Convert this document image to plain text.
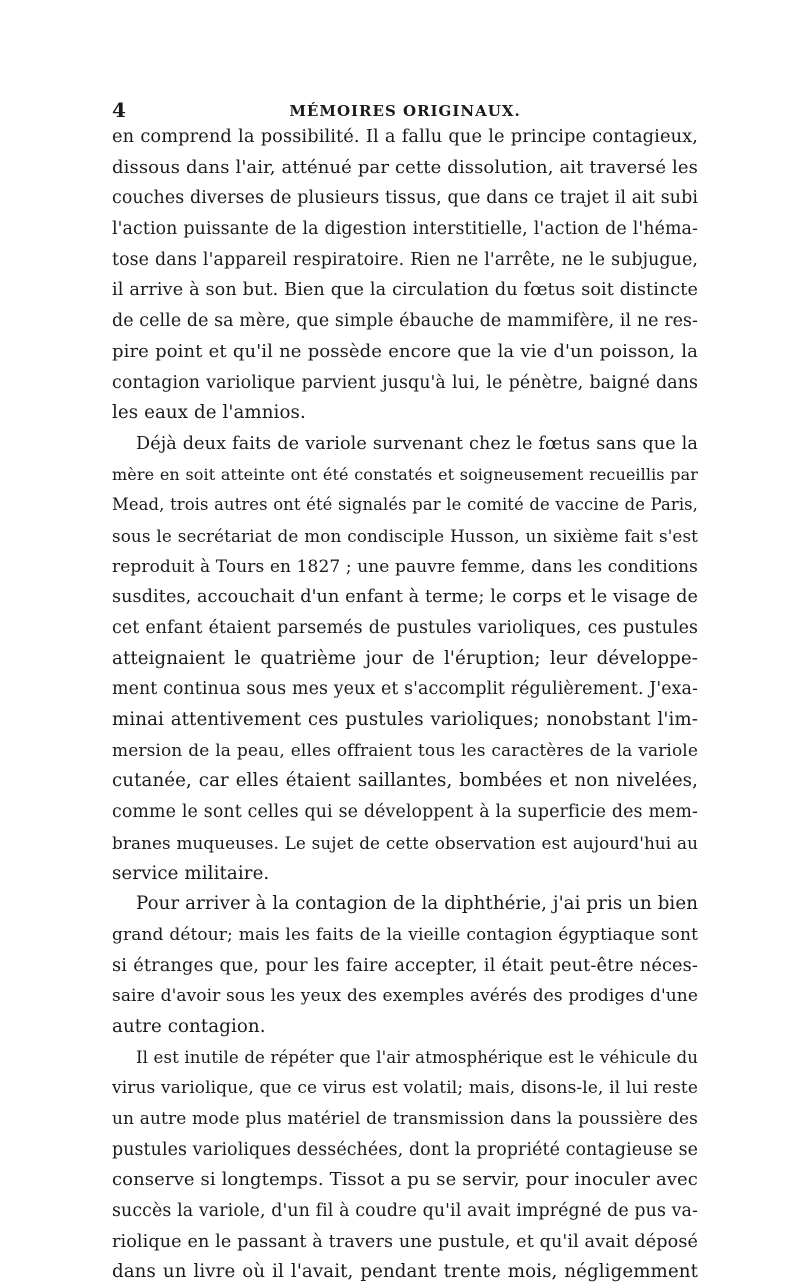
4	MÉMOIRES ORIGINAUX.
en comprend la possibilité. Il a fallu que le principe contagieux,
dissous dans l'air, atténué par cette dissolution, ait traversé les
couches diverses de plusieurs tissus, que dans ce trajet il ait subi
l'action puissante de la digestion interstitielle, l'action de l'héma-
tose dans l'appareil respiratoire. Rien ne l'arrête, ne le subjugue,
il arrive à son but. Bien que la circulation du fœtus soit distincte
de celle de sa mère, que simple ébauche de mammifère, il ne res-
pire point et qu'il ne possède encore que la vie d'un poisson, la
contagion variolique parvient jusqu'à lui, le pénètre, baigné dans
les eaux de l'amnios.
Déjà deux faits de variole survenant chez le fœtus sans que la
mère en soit atteinte ont été constatés et soigneusement recueillis par
Mead, trois autres ont été signalés par le comité de vaccine de Paris,
sous le secrétariat de mon condisciple Husson, un sixième fait s'est
reproduit à Tours en 1827 ; une pauvre femme, dans les conditions
susdites, accouchait d'un enfant à terme; le corps et le visage de
cet enfant étaient parsemés de pustules varioliques, ces pustules
atteignaient le quatrième jour de l'éruption; leur développe-
ment continua sous mes yeux et s'accomplit régulièrement. J'exa-
minai attentivement ces pustules varioliques; nonobstant l'im-
mersion de la peau, elles offraient tous les caractères de la variole
cutanée, car elles étaient saillantes, bombées et non nivelées,
comme le sont celles qui se développent à la superficie des mem-
branes muqueuses. Le sujet de cette observation est aujourd'hui au
service militaire.
Pour arriver à la contagion de la diphthérie, j'ai pris un bien
grand détour; mais les faits de la vieille contagion égyptiaque sont
si étranges que, pour les faire accepter, il était peut-être néces-
saire d'avoir sous les yeux des exemples avérés des prodiges d'une
autre contagion.
Il est inutile de répéter que l'air atmosphérique est le véhicule du
virus variolique, que ce virus est volatil; mais, disons-le, il lui reste
un autre mode plus matériel de transmission dans la poussière des
pustules varioliques desséchées, dont la propriété contagieuse se
conserve si longtemps. Tissot a pu se servir, pour inoculer avec
succès la variole, d'un fil à coudre qu'il avait imprégné de pus va-
riolique en le passant à travers une pustule, et qu'il avait déposé
dans un livre où il l'avait, pendant trente mois, négligemment
